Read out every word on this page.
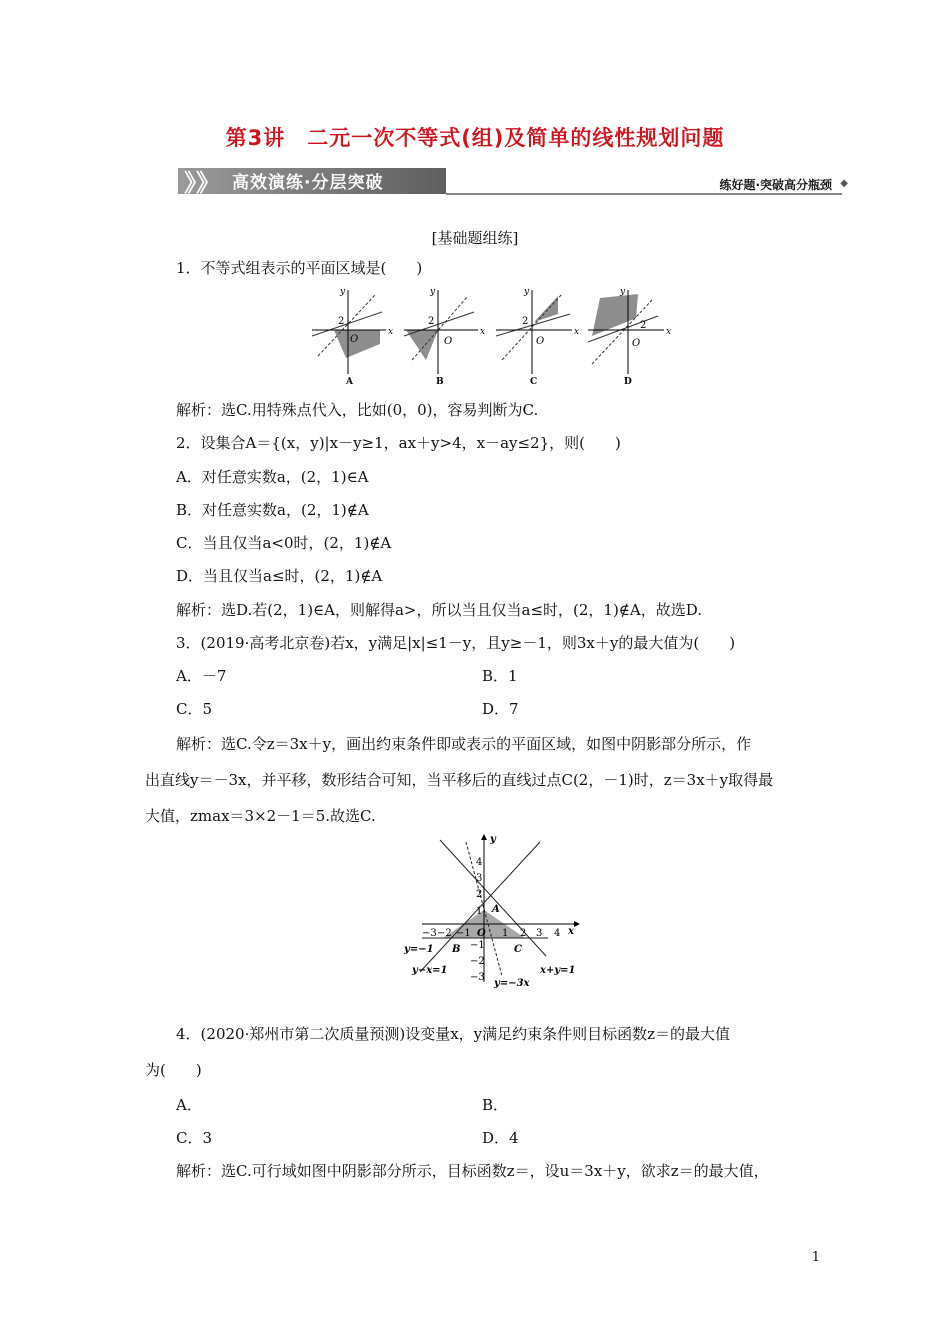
第3讲　二元一次不等式(组)及简单的线性规划问题
》》 高效演练·分层突破	练好题·突破高分瓶颈 ◆
[基础题组练]
1．不等式组表示的平面区域是(　　)
y
x
O
2
A
y
x
O
2
B
y
x
O
2
C
y
x
O
2
D
解析：选C.用特殊点代入，比如(0，0)，容易判断为C.
2．设集合A＝{(x，y)|x－y≥1，ax＋y>4，x－ay≤2}，则(　　)
A．对任意实数a，(2，1)∈A
B．对任意实数a，(2，1)∉A
C．当且仅当a<0时，(2，1)∉A
D．当且仅当a≤时，(2，1)∉A
解析：选D.若(2，1)∈A，则解得a>，所以当且仅当a≤时，(2，1)∉A，故选D.
3．(2019·高考北京卷)若x，y满足|x|≤1－y，且y≥－1，则3x＋y的最大值为(　　)
A．－7	B．1
C．5	D．7
解析：选C.令z＝3x＋y，画出约束条件即或表示的平面区域，如图中阴影部分所示，作
出直线y＝－3x，并平移，数形结合可知，当平移后的直线过点C(2，－1)时，z＝3x＋y取得最
大值，zmax＝3×2－1＝5.故选C.
y
x
O
−3 −2 −1	1 2 3 4
4
3
2
1
−1
−2
−3
A
B	C
y=−1
y−x=1
y=−3x
x+y=1
4．(2020·郑州市第二次质量预测)设变量x，y满足约束条件则目标函数z＝的最大值
为(　　)
A．	B．
C．3	D．4
解析：选C.可行域如图中阴影部分所示，目标函数z＝，设u＝3x＋y，欲求z＝的最大值，
1
